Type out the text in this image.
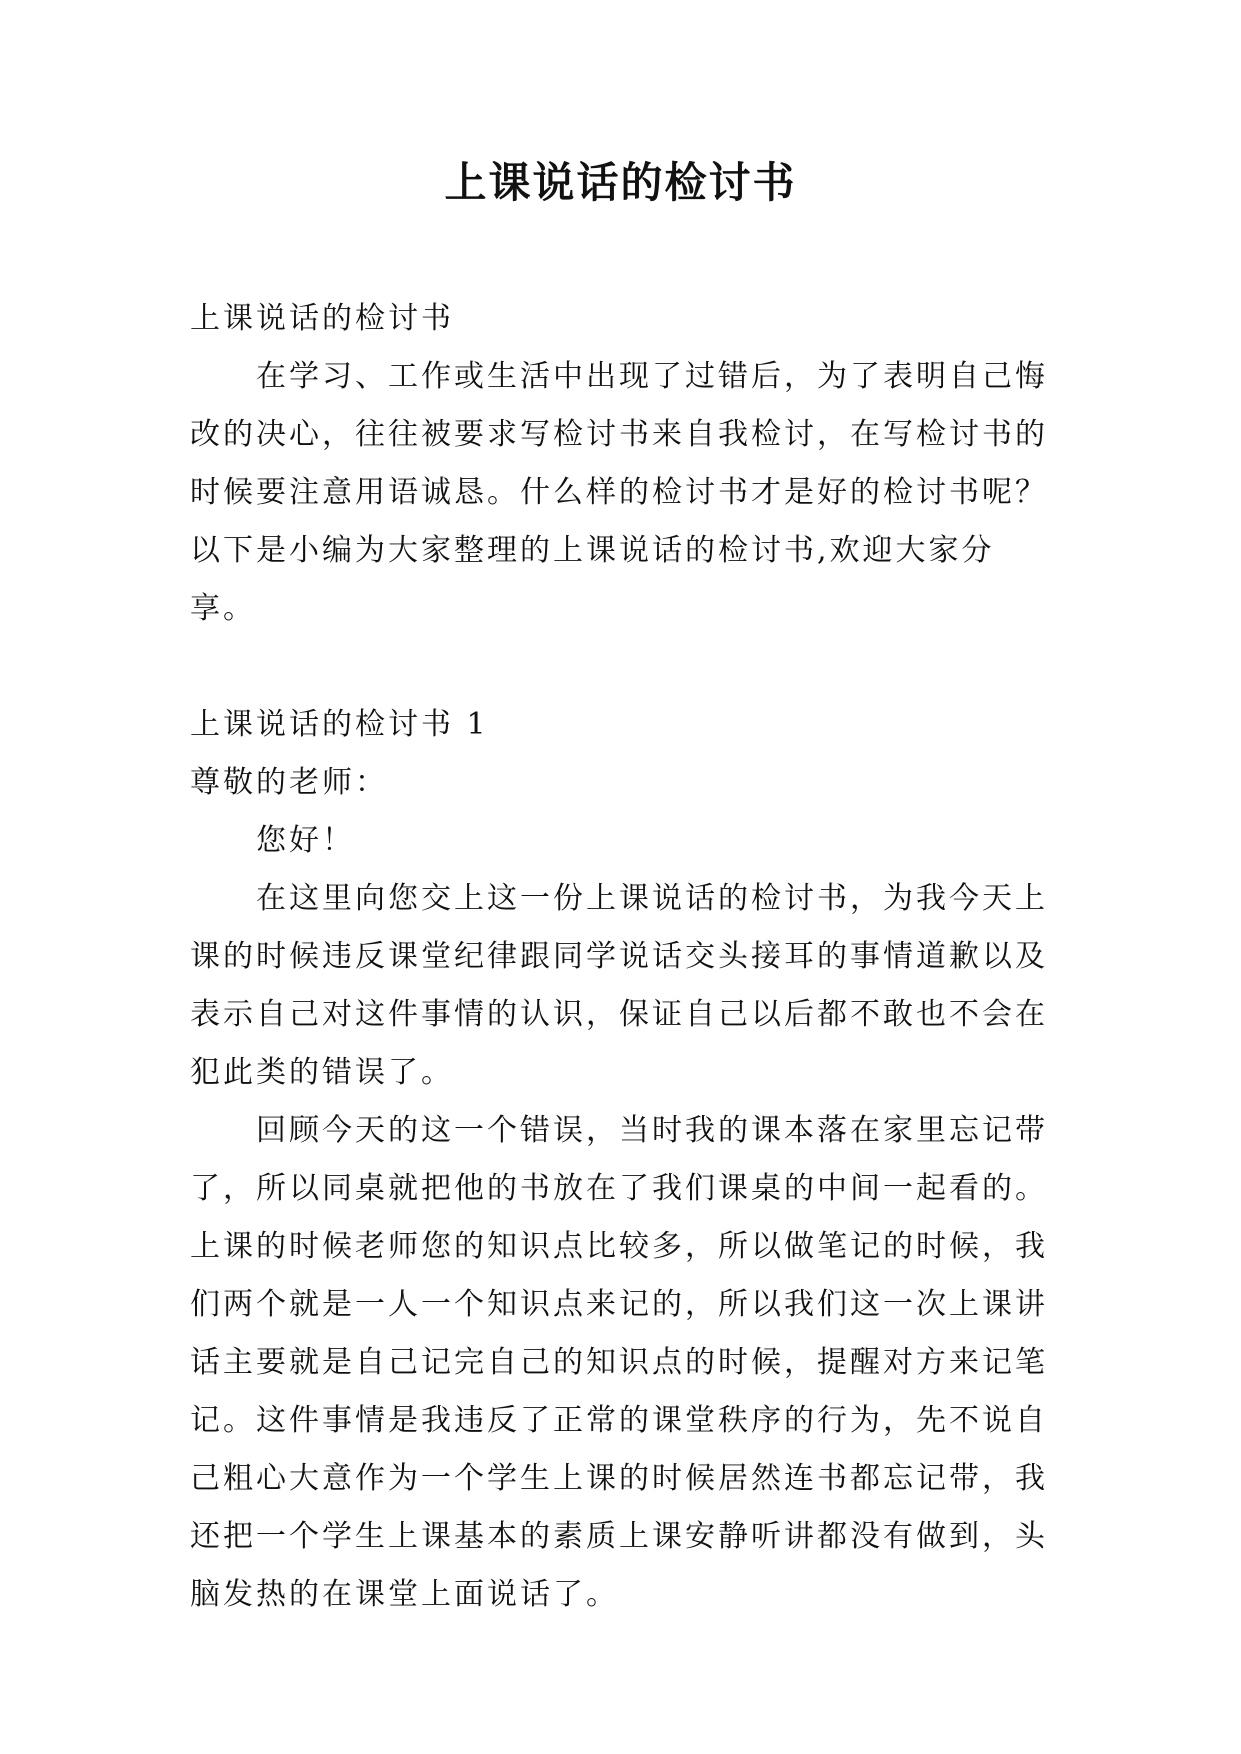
上课说话的检讨书

上课说话的检讨书

在学习、工作或生活中出现了过错后，为了表明自己悔改的决心，往往被要求写检讨书来自我检讨，在写检讨书的时候要注意用语诚恳。什么样的检讨书才是好的检讨书呢？以下是小编为大家整理的上课说话的检讨书,欢迎大家分享。

上课说话的检讨书 1

尊敬的老师：

您好！

在这里向您交上这一份上课说话的检讨书，为我今天上课的时候违反课堂纪律跟同学说话交头接耳的事情道歉以及表示自己对这件事情的认识，保证自己以后都不敢也不会在犯此类的错误了。

回顾今天的这一个错误，当时我的课本落在家里忘记带了，所以同桌就把他的书放在了我们课桌的中间一起看的。上课的时候老师您的知识点比较多，所以做笔记的时候，我们两个就是一人一个知识点来记的，所以我们这一次上课讲话主要就是自己记完自己的知识点的时候，提醒对方来记笔记。这件事情是我违反了正常的课堂秩序的行为，先不说自己粗心大意作为一个学生上课的时候居然连书都忘记带，我还把一个学生上课基本的素质上课安静听讲都没有做到，头脑发热的在课堂上面说话了。
